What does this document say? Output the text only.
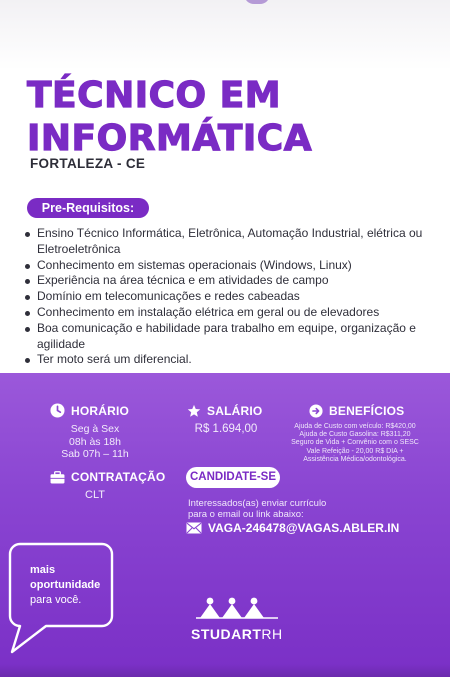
TÉCNICO EM
INFORMÁTICA
FORTALEZA - CE
Pre-Requisitos:
Ensino Técnico Informática, Eletrônica, Automação Industrial, elétrica ou Eletroeletrônica
Conhecimento em sistemas operacionais (Windows, Linux)
Experiência na área técnica e em atividades de campo
Domínio em telecomunicações e redes cabeadas
Conhecimento em instalação elétrica em geral ou de elevadores
Boa comunicação e habilidade para trabalho em equipe, organização e agilidade
Ter moto será um diferencial.
HORÁRIO
Seg à Sex
08h às 18h
Sab 07h – 11h
SALÁRIO
R$ 1.694,00
BENEFÍCIOS
Ajuda de Custo com veículo: R$420,00
Ajuda de Custo Gasolina: R$311,20
Seguro de Vida + Convênio com o SESC
Vale Refeição - 20,00 R$ DIA +
Assistência Médica/odontológica.
CONTRATAÇÃO
CLT
CANDIDATE-SE
Interessados(as) enviar currículo
para o email ou link abaixo:
VAGA-246478@VAGAS.ABLER.IN
mais
oportunidade
para você.
STUDARTRH
